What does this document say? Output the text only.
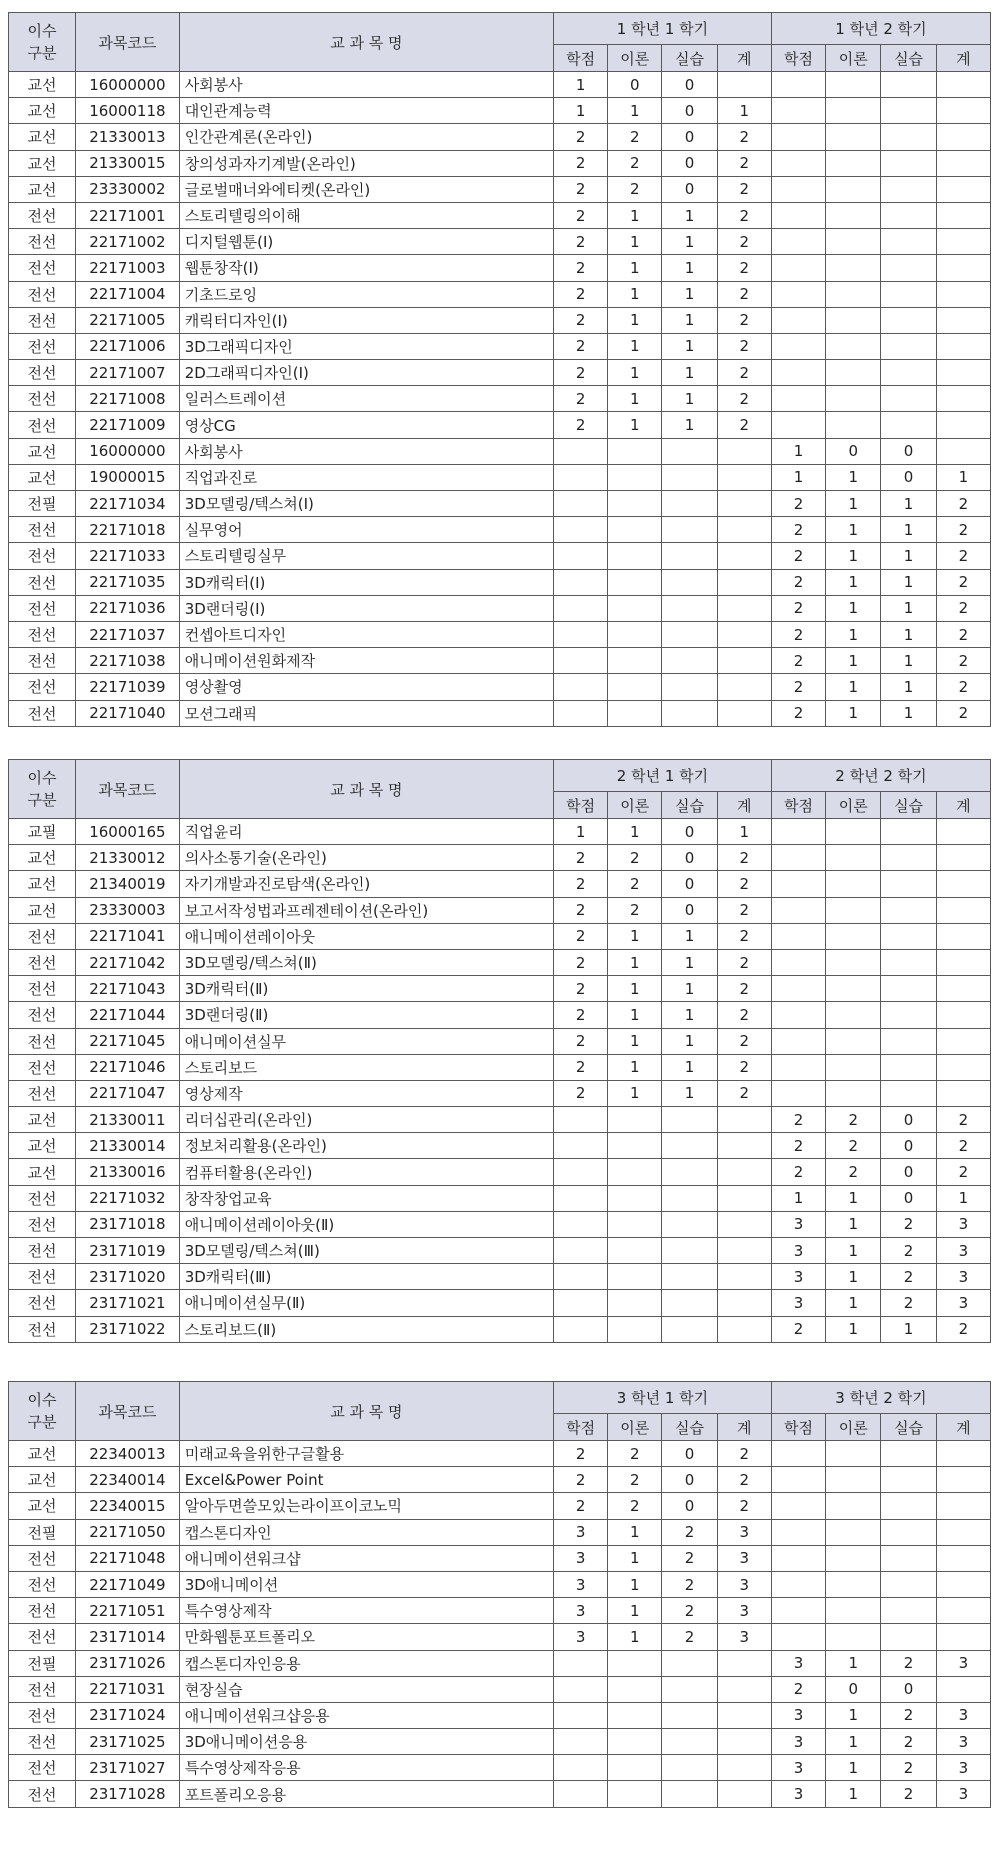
이수
구분	과목코드	교 과 목 명	1 학년 1 학기				1 학년 2 학기			
			학점	이론	실습	계	학점	이론	실습	계
교선	16000000	사회봉사	1	0	0					
교선	16000118	대인관계능력	1	1	0	1				
교선	21330013	인간관계론(온라인)	2	2	0	2				
교선	21330015	창의성과자기계발(온라인)	2	2	0	2				
교선	23330002	글로벌매너와에티켓(온라인)	2	2	0	2				
전선	22171001	스토리텔링의이해	2	1	1	2				
전선	22171002	디지털웹툰(Ⅰ)	2	1	1	2				
전선	22171003	웹툰창작(Ⅰ)	2	1	1	2				
전선	22171004	기초드로잉	2	1	1	2				
전선	22171005	캐릭터디자인(Ⅰ)	2	1	1	2				
전선	22171006	3D그래픽디자인	2	1	1	2				
전선	22171007	2D그래픽디자인(Ⅰ)	2	1	1	2				
전선	22171008	일러스트레이션	2	1	1	2				
전선	22171009	영상CG	2	1	1	2				
교선	16000000	사회봉사					1	0	0	
교선	19000015	직업과진로					1	1	0	1
전필	22171034	3D모델링/텍스쳐(Ⅰ)					2	1	1	2
전선	22171018	실무영어					2	1	1	2
전선	22171033	스토리텔링실무					2	1	1	2
전선	22171035	3D캐릭터(Ⅰ)					2	1	1	2
전선	22171036	3D랜더링(Ⅰ)					2	1	1	2
전선	22171037	컨셉아트디자인					2	1	1	2
전선	22171038	애니메이션원화제작					2	1	1	2
전선	22171039	영상촬영					2	1	1	2
전선	22171040	모션그래픽					2	1	1	2
이수
구분	과목코드	교 과 목 명	2 학년 1 학기				2 학년 2 학기			
			학점	이론	실습	계	학점	이론	실습	계
교필	16000165	직업윤리	1	1	0	1				
교선	21330012	의사소통기술(온라인)	2	2	0	2				
교선	21340019	자기개발과진로탐색(온라인)	2	2	0	2				
교선	23330003	보고서작성법과프레젠테이션(온라인)	2	2	0	2				
전선	22171041	애니메이션레이아웃	2	1	1	2				
전선	22171042	3D모델링/텍스쳐(Ⅱ)	2	1	1	2				
전선	22171043	3D캐릭터(Ⅱ)	2	1	1	2				
전선	22171044	3D랜더링(Ⅱ)	2	1	1	2				
전선	22171045	애니메이션실무	2	1	1	2				
전선	22171046	스토리보드	2	1	1	2				
전선	22171047	영상제작	2	1	1	2				
교선	21330011	리더십관리(온라인)					2	2	0	2
교선	21330014	정보처리활용(온라인)					2	2	0	2
교선	21330016	컴퓨터활용(온라인)					2	2	0	2
전선	22171032	창작창업교육					1	1	0	1
전선	23171018	애니메이션레이아웃(Ⅱ)					3	1	2	3
전선	23171019	3D모델링/텍스쳐(Ⅲ)					3	1	2	3
전선	23171020	3D캐릭터(Ⅲ)					3	1	2	3
전선	23171021	애니메이션실무(Ⅱ)					3	1	2	3
전선	23171022	스토리보드(Ⅱ)					2	1	1	2
이수
구분	과목코드	교 과 목 명	3 학년 1 학기				3 학년 2 학기			
			학점	이론	실습	계	학점	이론	실습	계
교선	22340013	미래교육을위한구글활용	2	2	0	2				
교선	22340014	Excel&Power Point	2	2	0	2				
교선	22340015	알아두면쓸모있는라이프이코노믹	2	2	0	2				
전필	22171050	캡스톤디자인	3	1	2	3				
전선	22171048	애니메이션워크샵	3	1	2	3				
전선	22171049	3D애니메이션	3	1	2	3				
전선	22171051	특수영상제작	3	1	2	3				
전선	23171014	만화웹툰포트폴리오	3	1	2	3				
전필	23171026	캡스톤디자인응용					3	1	2	3
전선	22171031	현장실습					2	0	0	
전선	23171024	애니메이션워크샵응용					3	1	2	3
전선	23171025	3D애니메이션응용					3	1	2	3
전선	23171027	특수영상제작응용					3	1	2	3
전선	23171028	포트폴리오응용					3	1	2	3
